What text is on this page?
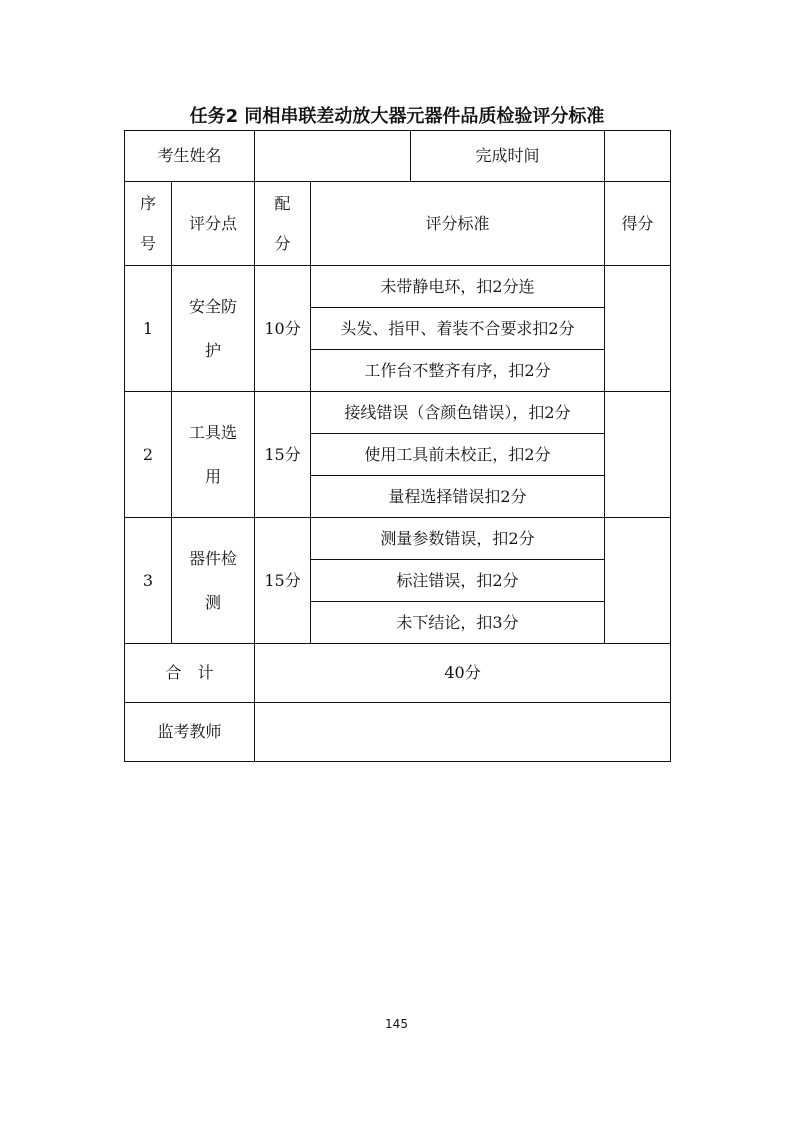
任务2 同相串联差动放大器元器件品质检验评分标准
考生姓名		完成时间		

序号	评分点	配分	评分标准	得分
1	安全防护	10分	未带静电环，扣2分连	
			头发、指甲、着装不合要求扣2分	
			工作台不整齐有序，扣2分	
2	工具选用	15分	接线错误（含颜色错误），扣2分	
			使用工具前未校正，扣2分	
			量程选择错误扣2分	
3	器件检测	15分	测量参数错误，扣2分	
			标注错误，扣2分	
			未下结论，扣3分	
合　计		40分		
监考教师				
145
